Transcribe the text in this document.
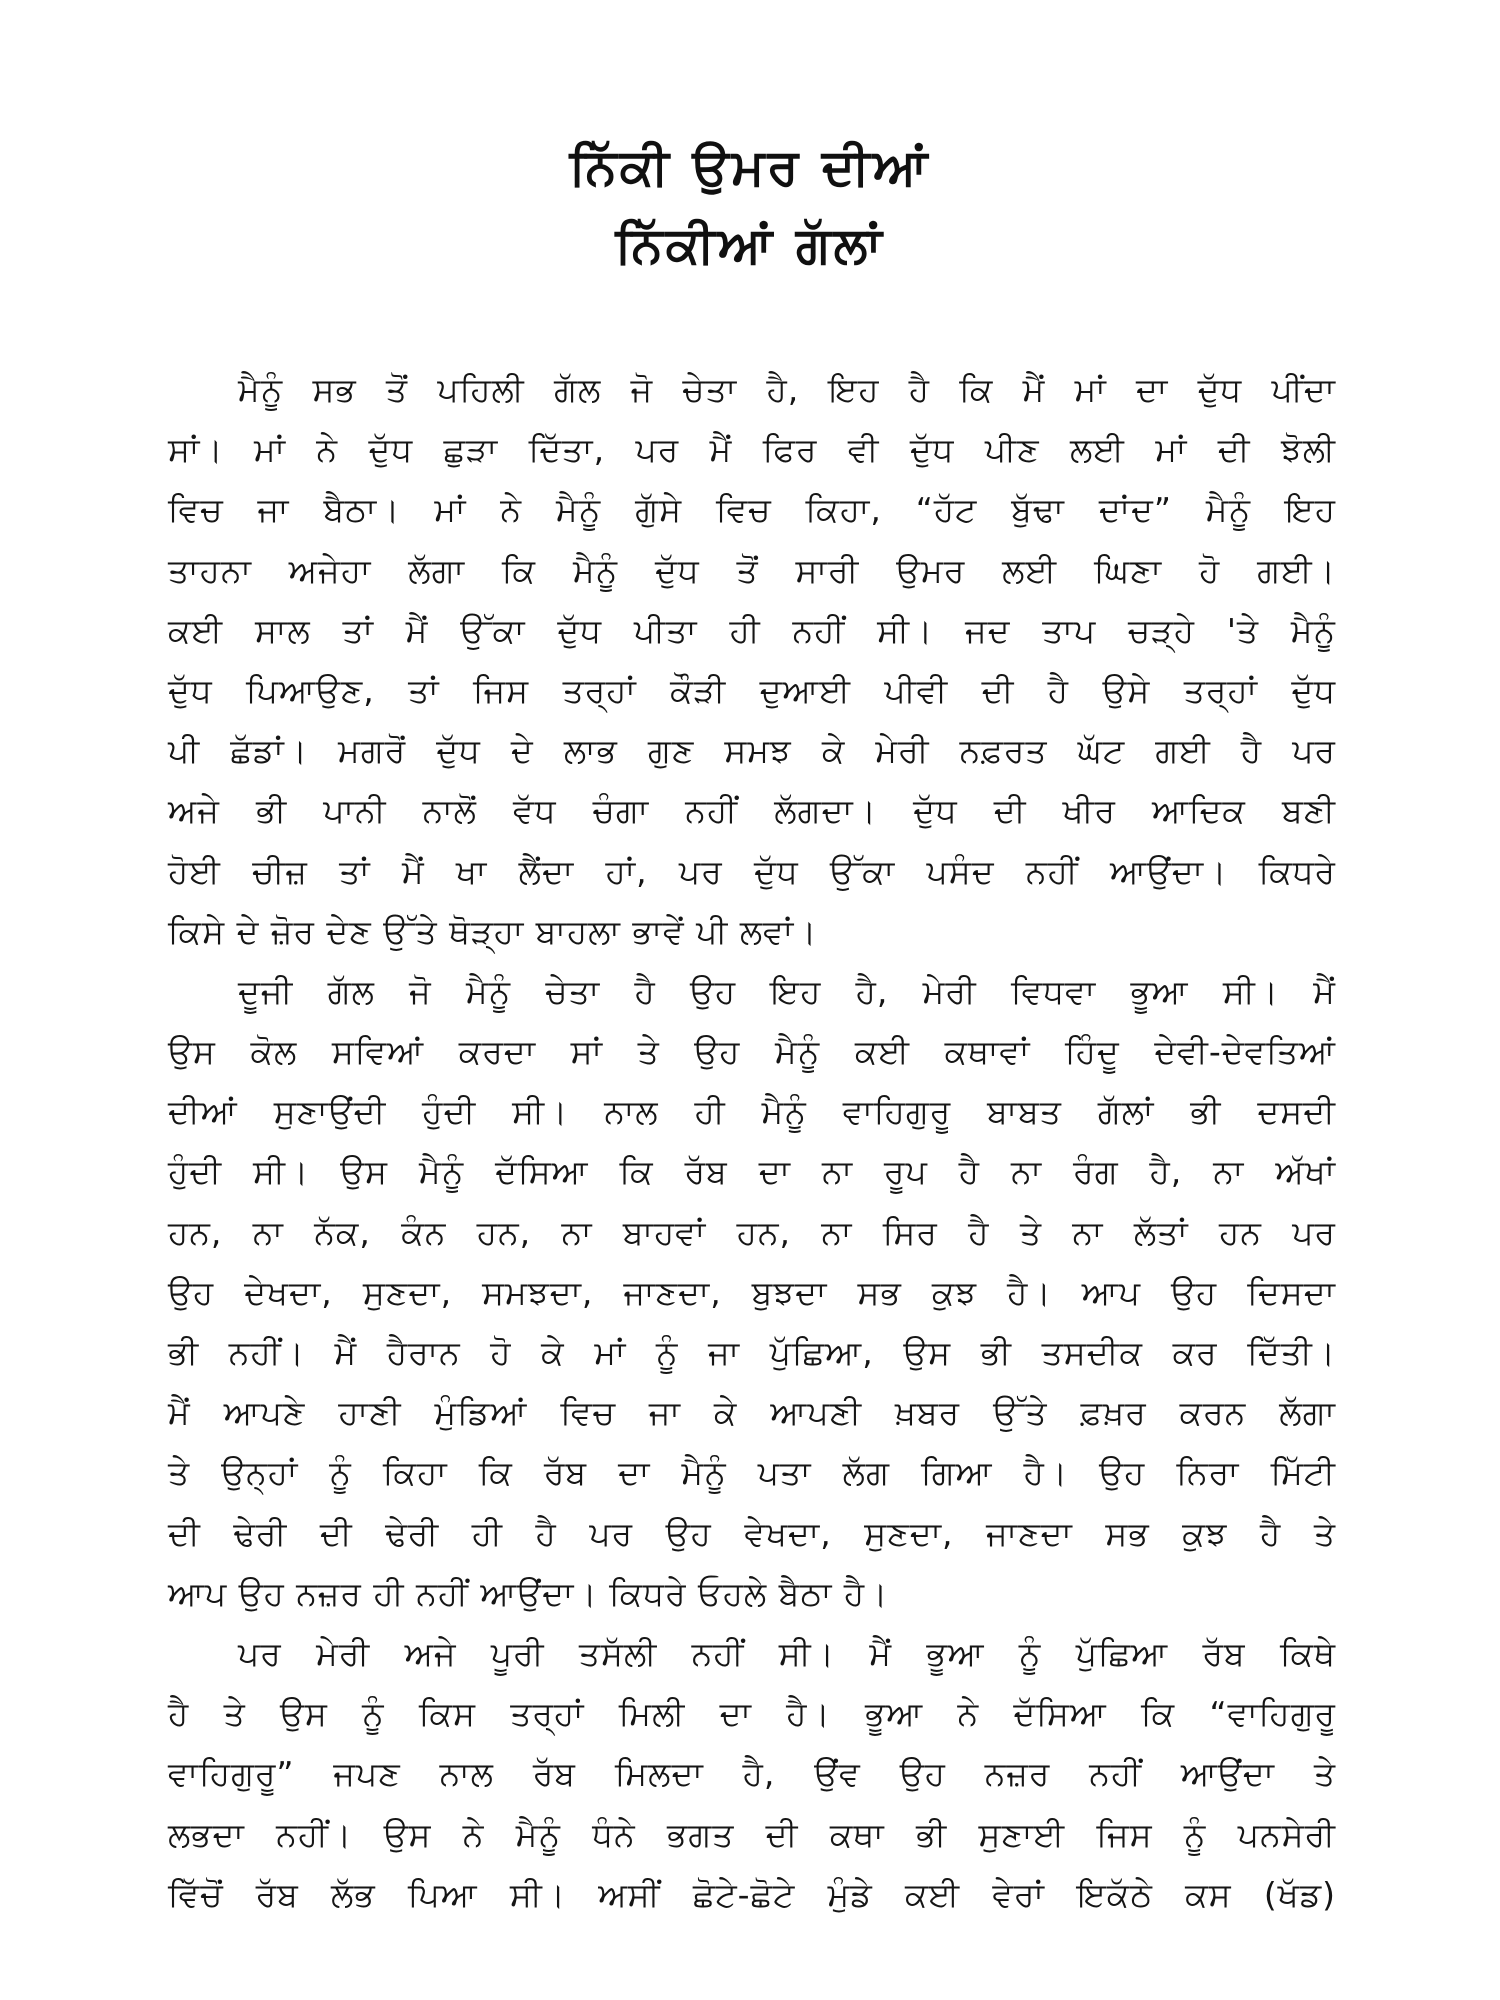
ਨਿੱਕੀ ਉਮਰ ਦੀਆਂ
ਨਿੱਕੀਆਂ ਗੱਲਾਂ
ਮੈਨੂੰ ਸਭ ਤੋਂ ਪਹਿਲੀ ਗੱਲ ਜੋ ਚੇਤਾ ਹੈ, ਇਹ ਹੈ ਕਿ ਮੈਂ ਮਾਂ ਦਾ ਦੁੱਧ ਪੀਂਦਾ
ਸਾਂ। ਮਾਂ ਨੇ ਦੁੱਧ ਛੁੜਾ ਦਿੱਤਾ, ਪਰ ਮੈਂ ਫਿਰ ਵੀ ਦੁੱਧ ਪੀਣ ਲਈ ਮਾਂ ਦੀ ਝੋਲੀ
ਵਿਚ ਜਾ ਬੈਠਾ। ਮਾਂ ਨੇ ਮੈਨੂੰ ਗੁੱਸੇ ਵਿਚ ਕਿਹਾ, “ਹੱਟ ਬੁੱਢਾ ਦਾਂਦ” ਮੈਨੂੰ ਇਹ
ਤਾਹਨਾ ਅਜੇਹਾ ਲੱਗਾ ਕਿ ਮੈਨੂੰ ਦੁੱਧ ਤੋਂ ਸਾਰੀ ਉਮਰ ਲਈ ਘਿਣਾ ਹੋ ਗਈ।
ਕਈ ਸਾਲ ਤਾਂ ਮੈਂ ਉੱਕਾ ਦੁੱਧ ਪੀਤਾ ਹੀ ਨਹੀਂ ਸੀ। ਜਦ ਤਾਪ ਚੜ੍ਹੇ 'ਤੇ ਮੈਨੂੰ
ਦੁੱਧ ਪਿਆਉਣ, ਤਾਂ ਜਿਸ ਤਰ੍ਹਾਂ ਕੌੜੀ ਦੁਆਈ ਪੀਵੀ ਦੀ ਹੈ ਉਸੇ ਤਰ੍ਹਾਂ ਦੁੱਧ
ਪੀ ਛੱਡਾਂ। ਮਗਰੋਂ ਦੁੱਧ ਦੇ ਲਾਭ ਗੁਣ ਸਮਝ ਕੇ ਮੇਰੀ ਨਫ਼ਰਤ ਘੱਟ ਗਈ ਹੈ ਪਰ
ਅਜੇ ਭੀ ਪਾਨੀ ਨਾਲੋਂ ਵੱਧ ਚੰਗਾ ਨਹੀਂ ਲੱਗਦਾ। ਦੁੱਧ ਦੀ ਖੀਰ ਆਦਿਕ ਬਣੀ
ਹੋਈ ਚੀਜ਼ ਤਾਂ ਮੈਂ ਖਾ ਲੈਂਦਾ ਹਾਂ, ਪਰ ਦੁੱਧ ਉੱਕਾ ਪਸੰਦ ਨਹੀਂ ਆਉਂਦਾ। ਕਿਧਰੇ
ਕਿਸੇ ਦੇ ਜ਼ੋਰ ਦੇਣ ਉੱਤੇ ਥੋੜ੍ਹਾ ਬਾਹਲਾ ਭਾਵੇਂ ਪੀ ਲਵਾਂ।
ਦੂਜੀ ਗੱਲ ਜੋ ਮੈਨੂੰ ਚੇਤਾ ਹੈ ਉਹ ਇਹ ਹੈ, ਮੇਰੀ ਵਿਧਵਾ ਭੂਆ ਸੀ। ਮੈਂ
ਉਸ ਕੋਲ ਸਵਿਆਂ ਕਰਦਾ ਸਾਂ ਤੇ ਉਹ ਮੈਨੂੰ ਕਈ ਕਥਾਵਾਂ ਹਿੰਦੂ ਦੇਵੀ-ਦੇਵਤਿਆਂ
ਦੀਆਂ ਸੁਣਾਉਂਦੀ ਹੁੰਦੀ ਸੀ। ਨਾਲ ਹੀ ਮੈਨੂੰ ਵਾਹਿਗੁਰੂ ਬਾਬਤ ਗੱਲਾਂ ਭੀ ਦਸਦੀ
ਹੁੰਦੀ ਸੀ। ਉਸ ਮੈਨੂੰ ਦੱਸਿਆ ਕਿ ਰੱਬ ਦਾ ਨਾ ਰੂਪ ਹੈ ਨਾ ਰੰਗ ਹੈ, ਨਾ ਅੱਖਾਂ
ਹਨ, ਨਾ ਨੱਕ, ਕੰਨ ਹਨ, ਨਾ ਬਾਹਵਾਂ ਹਨ, ਨਾ ਸਿਰ ਹੈ ਤੇ ਨਾ ਲੱਤਾਂ ਹਨ ਪਰ
ਉਹ ਦੇਖਦਾ, ਸੁਣਦਾ, ਸਮਝਦਾ, ਜਾਣਦਾ, ਬੁਝਦਾ ਸਭ ਕੁਝ ਹੈ। ਆਪ ਉਹ ਦਿਸਦਾ
ਭੀ ਨਹੀਂ। ਮੈਂ ਹੈਰਾਨ ਹੋ ਕੇ ਮਾਂ ਨੂੰ ਜਾ ਪੁੱਛਿਆ, ਉਸ ਭੀ ਤਸਦੀਕ ਕਰ ਦਿੱਤੀ।
ਮੈਂ ਆਪਣੇ ਹਾਣੀ ਮੁੰਡਿਆਂ ਵਿਚ ਜਾ ਕੇ ਆਪਣੀ ਖ਼ਬਰ ਉੱਤੇ ਫ਼ਖ਼ਰ ਕਰਨ ਲੱਗਾ
ਤੇ ਉਨ੍ਹਾਂ ਨੂੰ ਕਿਹਾ ਕਿ ਰੱਬ ਦਾ ਮੈਨੂੰ ਪਤਾ ਲੱਗ ਗਿਆ ਹੈ। ਉਹ ਨਿਰਾ ਮਿੱਟੀ
ਦੀ ਢੇਰੀ ਦੀ ਢੇਰੀ ਹੀ ਹੈ ਪਰ ਉਹ ਵੇਖਦਾ, ਸੁਣਦਾ, ਜਾਣਦਾ ਸਭ ਕੁਝ ਹੈ ਤੇ
ਆਪ ਉਹ ਨਜ਼ਰ ਹੀ ਨਹੀਂ ਆਉਂਦਾ। ਕਿਧਰੇ ਓਹਲੇ ਬੈਠਾ ਹੈ।
ਪਰ ਮੇਰੀ ਅਜੇ ਪੂਰੀ ਤਸੱਲੀ ਨਹੀਂ ਸੀ। ਮੈਂ ਭੂਆ ਨੂੰ ਪੁੱਛਿਆ ਰੱਬ ਕਿਥੇ
ਹੈ ਤੇ ਉਸ ਨੂੰ ਕਿਸ ਤਰ੍ਹਾਂ ਮਿਲੀ ਦਾ ਹੈ। ਭੂਆ ਨੇ ਦੱਸਿਆ ਕਿ “ਵਾਹਿਗੁਰੂ
ਵਾਹਿਗੁਰੂ” ਜਪਣ ਨਾਲ ਰੱਬ ਮਿਲਦਾ ਹੈ, ਉਂਵ ਉਹ ਨਜ਼ਰ ਨਹੀਂ ਆਉਂਦਾ ਤੇ
ਲਭਦਾ ਨਹੀਂ। ਉਸ ਨੇ ਮੈਨੂੰ ਧੰਨੇ ਭਗਤ ਦੀ ਕਥਾ ਭੀ ਸੁਣਾਈ ਜਿਸ ਨੂੰ ਪਨਸੇਰੀ
ਵਿੱਚੋਂ ਰੱਬ ਲੱਭ ਪਿਆ ਸੀ। ਅਸੀਂ ਛੋਟੇ-ਛੋਟੇ ਮੁੰਡੇ ਕਈ ਵੇਰਾਂ ਇਕੱਠੇ ਕਸ (ਖੱਡ)
